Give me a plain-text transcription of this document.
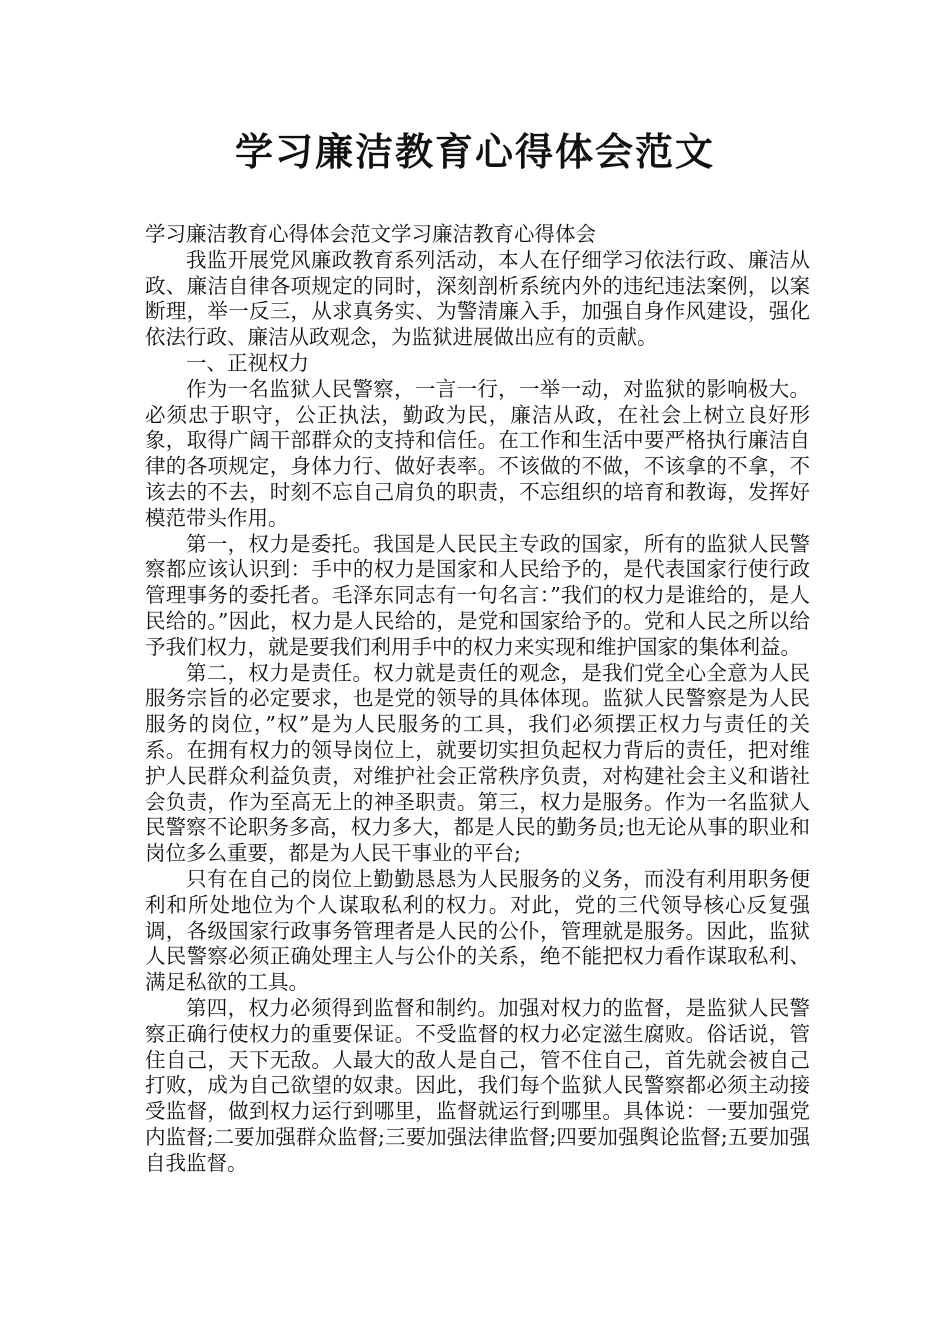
学习廉洁教育心得体会范文

学习廉洁教育心得体会范文学习廉洁教育心得体会

我监开展党风廉政教育系列活动，本人在仔细学习依法行政、廉洁从政、廉洁自律各项规定的同时，深刻剖析系统内外的违纪违法案例，以案断理，举一反三，从求真务实、为警清廉入手，加强自身作风建设，强化依法行政、廉洁从政观念，为监狱进展做出应有的贡献。

一、正视权力

作为一名监狱人民警察，一言一行，一举一动，对监狱的影响极大。必须忠于职守，公正执法，勤政为民，廉洁从政，在社会上树立良好形象，取得广阔干部群众的支持和信任。在工作和生活中要严格执行廉洁自律的各项规定，身体力行、做好表率。不该做的不做，不该拿的不拿，不该去的不去，时刻不忘自己肩负的职责，不忘组织的培育和教诲，发挥好模范带头作用。

第一，权力是委托。我国是人民民主专政的国家，所有的监狱人民警察都应该认识到：手中的权力是国家和人民给予的，是代表国家行使行政管理事务的委托者。毛泽东同志有一句名言：”我们的权力是谁给的，是人民给的。”因此，权力是人民给的，是党和国家给予的。党和人民之所以给予我们权力，就是要我们利用手中的权力来实现和维护国家的集体利益。

第二，权力是责任。权力就是责任的观念，是我们党全心全意为人民服务宗旨的必定要求，也是党的领导的具体体现。监狱人民警察是为人民服务的岗位，”权”是为人民服务的工具，我们必须摆正权力与责任的关系。在拥有权力的领导岗位上，就要切实担负起权力背后的责任，把对维护人民群众利益负责，对维护社会正常秩序负责，对构建社会主义和谐社会负责，作为至高无上的神圣职责。第三，权力是服务。作为一名监狱人民警察不论职务多高，权力多大，都是人民的勤务员;也无论从事的职业和岗位多么重要，都是为人民干事业的平台;

只有在自己的岗位上勤勤恳恳为人民服务的义务，而没有利用职务便利和所处地位为个人谋取私利的权力。对此，党的三代领导核心反复强调，各级国家行政事务管理者是人民的公仆，管理就是服务。因此，监狱人民警察必须正确处理主人与公仆的关系，绝不能把权力看作谋取私利、满足私欲的工具。

第四，权力必须得到监督和制约。加强对权力的监督，是监狱人民警察正确行使权力的重要保证。不受监督的权力必定滋生腐败。俗话说，管住自己，天下无敌。人最大的敌人是自己，管不住自己，首先就会被自己打败，成为自己欲望的奴隶。因此，我们每个监狱人民警察都必须主动接受监督，做到权力运行到哪里，监督就运行到哪里。具体说：一要加强党内监督;二要加强群众监督;三要加强法律监督;四要加强舆论监督;五要加强自我监督。
